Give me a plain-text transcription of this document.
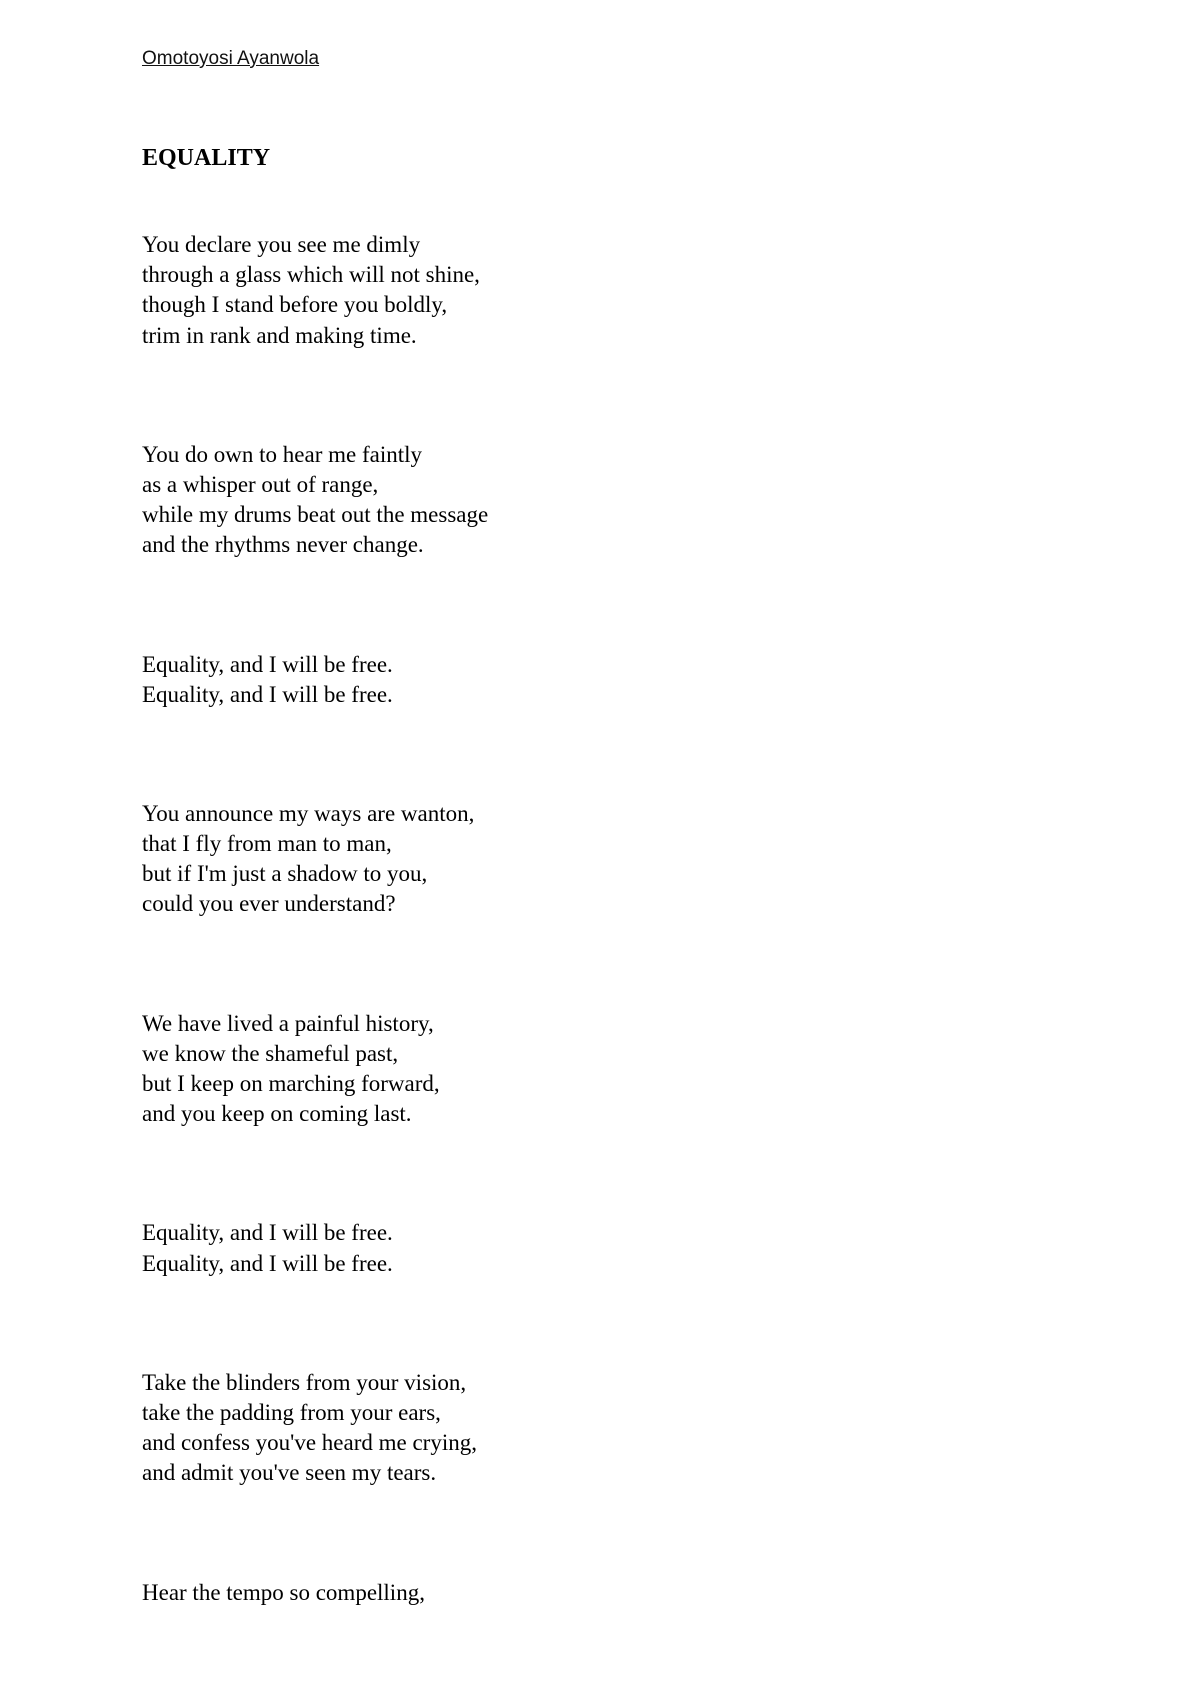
Omotoyosi Ayanwola
EQUALITY
You declare you see me dimly
through a glass which will not shine,
though I stand before you boldly,
trim in rank and making time.
You do own to hear me faintly
as a whisper out of range,
while my drums beat out the message
and the rhythms never change.
Equality, and I will be free.
Equality, and I will be free.
You announce my ways are wanton,
that I fly from man to man,
but if I'm just a shadow to you,
could you ever understand?
We have lived a painful history,
we know the shameful past,
but I keep on marching forward,
and you keep on coming last.
Equality, and I will be free.
Equality, and I will be free.
Take the blinders from your vision,
take the padding from your ears,
and confess you've heard me crying,
and admit you've seen my tears.
Hear the tempo so compelling,
